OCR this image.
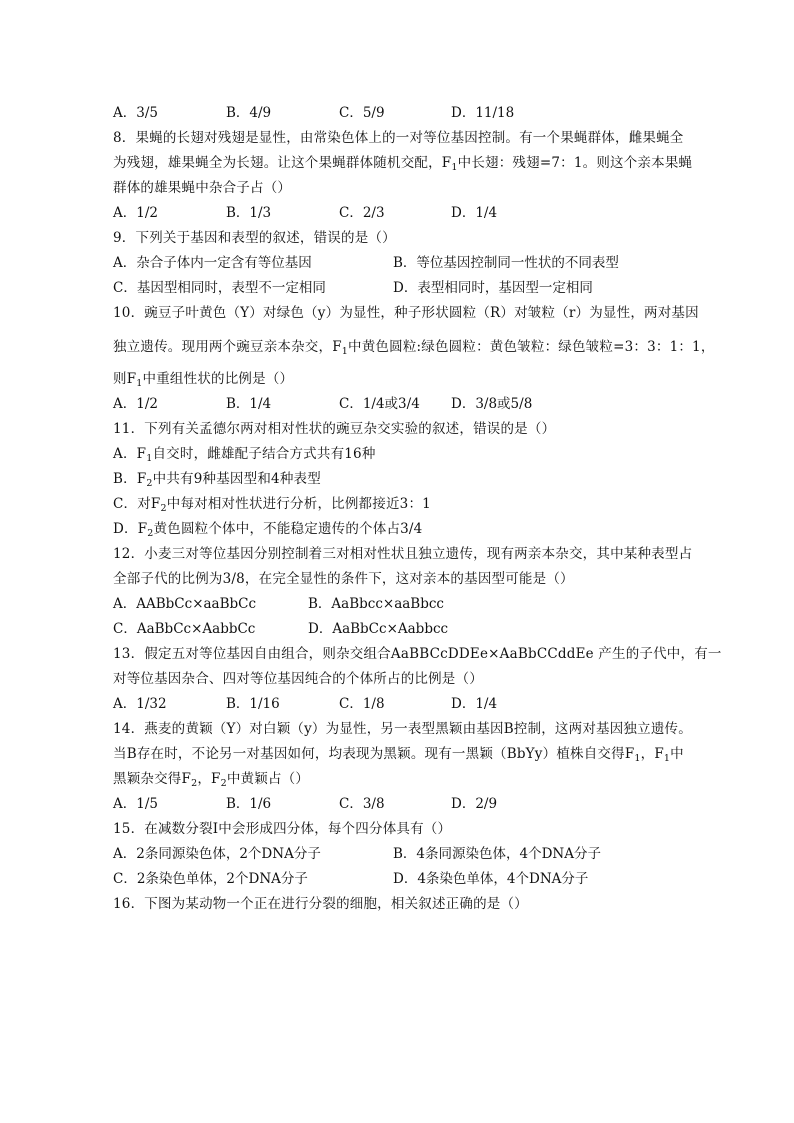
A．3/5	B．4/9	C．5/9	D．11/18
8．果蝇的长翅对残翅是显性，由常染色体上的一对等位基因控制。有一个果蝇群体，雌果蝇全
为残翅，雄果蝇全为长翅。让这个果蝇群体随机交配，$F_1$中长翅：残翅=7：1。则这个亲本果蝇
群体的雄果蝇中杂合子占（）
A．1/2	B．1/3	C．2/3	D．1/4
9．下列关于基因和表型的叙述，错误的是（）
A．杂合子体内一定含有等位基因	B．等位基因控制同一性状的不同表型
C．基因型相同时，表型不一定相同	D．表型相同时，基因型一定相同
10．豌豆子叶黄色（Y）对绿色（y）为显性，种子形状圆粒（R）对皱粒（r）为显性，两对基因
独立遗传。现用两个豌豆亲本杂交，$F_1$中黄色圆粒:绿色圆粒：黄色皱粒：绿色皱粒=3：3：1：1，
则$F_1$中重组性状的比例是（）
A．1/2	B．1/4	C．1/4或3/4 D．3/8或5/8
11．下列有关孟德尔两对相对性状的豌豆杂交实验的叙述，错误的是（）
A．$F_1$自交时，雌雄配子结合方式共有16种
B．$F_2$中共有9种基因型和4种表型
C．对$F_2$中每对相对性状进行分析，比例都接近3：1
D．$F_2$黄色圆粒个体中，不能稳定遗传的个体占3/4
12．小麦三对等位基因分别控制着三对相对性状且独立遗传，现有两亲本杂交，其中某种表型占
全部子代的比例为3/8，在完全显性的条件下，这对亲本的基因型可能是（）
A．AABbCc×aaBbCc	B．AaBbcc×aaBbcc
C．AaBbCc×AabbCc	D．AaBbCc×Aabbcc
13．假定五对等位基因自由组合，则杂交组合AaBBCcDDEe×AaBbCCddEe 产生的子代中，有一
对等位基因杂合、四对等位基因纯合的个体所占的比例是（）
A．1/32	B．1/16	C．1/8	D．1/4
14．燕麦的黄颖（Y）对白颖（y）为显性，另一表型黑颖由基因B控制，这两对基因独立遗传。
当B存在时，不论另一对基因如何，均表现为黑颖。现有一黑颖（BbYy）植株自交得$F_1$，$F_1$中
黑颖杂交得$F_2$，$F_2$中黄颖占（）
A．1/5	B．1/6	C．3/8	D．2/9
15．在减数分裂Ⅰ中会形成四分体，每个四分体具有（）
A．2条同源染色体，2个DNA分子	B．4条同源染色体，4个DNA分子
C．2条染色单体，2个DNA分子	D．4条染色单体，4个DNA分子
16．下图为某动物一个正在进行分裂的细胞，相关叙述正确的是（）
